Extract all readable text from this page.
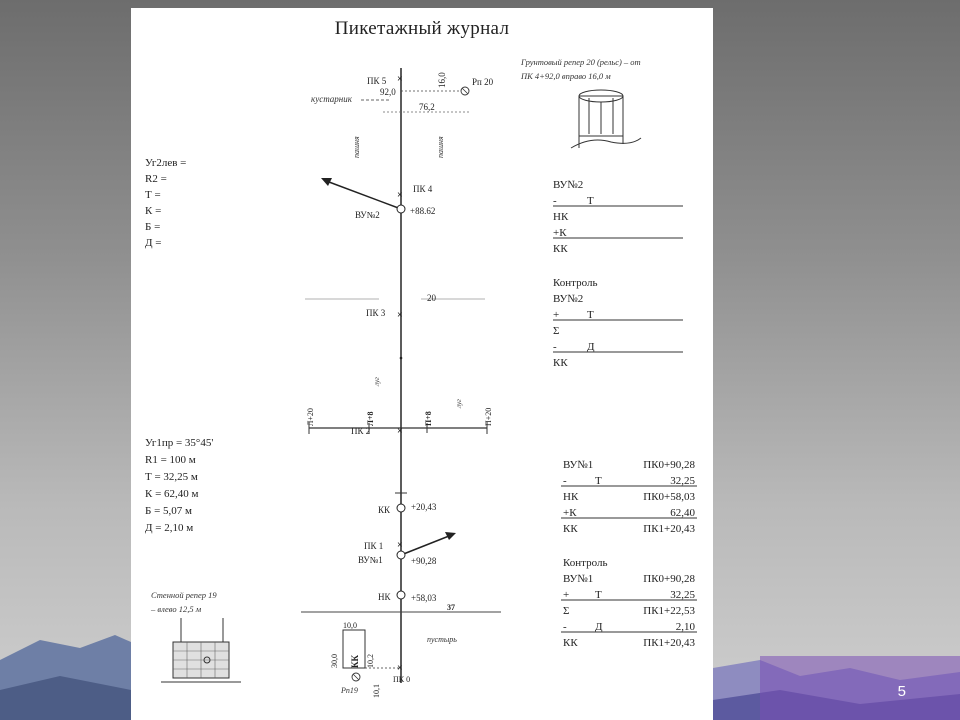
Пикетажный журнал
ПК 5 ×
92,0
16,0	Рп 20
кустарник
76,2
пашня	пашня
ПК 4
×
ВУ№2	+88.62
20
ПК 3 ×
Л+20	Л+8	П+8	П+20
луг
луг
ПК 2	×
КК +20,43
ПК 1 ×
ВУ№1	+90,28
НК +58,03
37
пустырь
10,0
30,0 КК 10,2
10,1
Рп19
×
ПК 0
Грунтовый репер 20 (рельс) – от
ПК 4+92,0 вправо 16,0 м
Стенной репер 19
– влево 12,5 м
Уг2лев =
R2 =
Т =
К =
Б =
Д =
Уг1пр = 35°45'
R1 = 100 м
Т = 32,25 м
К = 62,40 м
Б = 5,07 м
Д = 2,10 м
ВУ№2
-	Т
НК
+К
КК
Контроль
ВУ№2
+	Т
Σ
-	Д
КК
ВУ№1	ПК0+90,28
-	Т	32,25
НК	ПК0+58,03
+К	62,40
КК	ПК1+20,43
Контроль
ВУ№1	ПК0+90,28
+ Т	32,25
Σ	ПК1+22,53
-	Д	2,10
КК	ПК1+20,43
5
